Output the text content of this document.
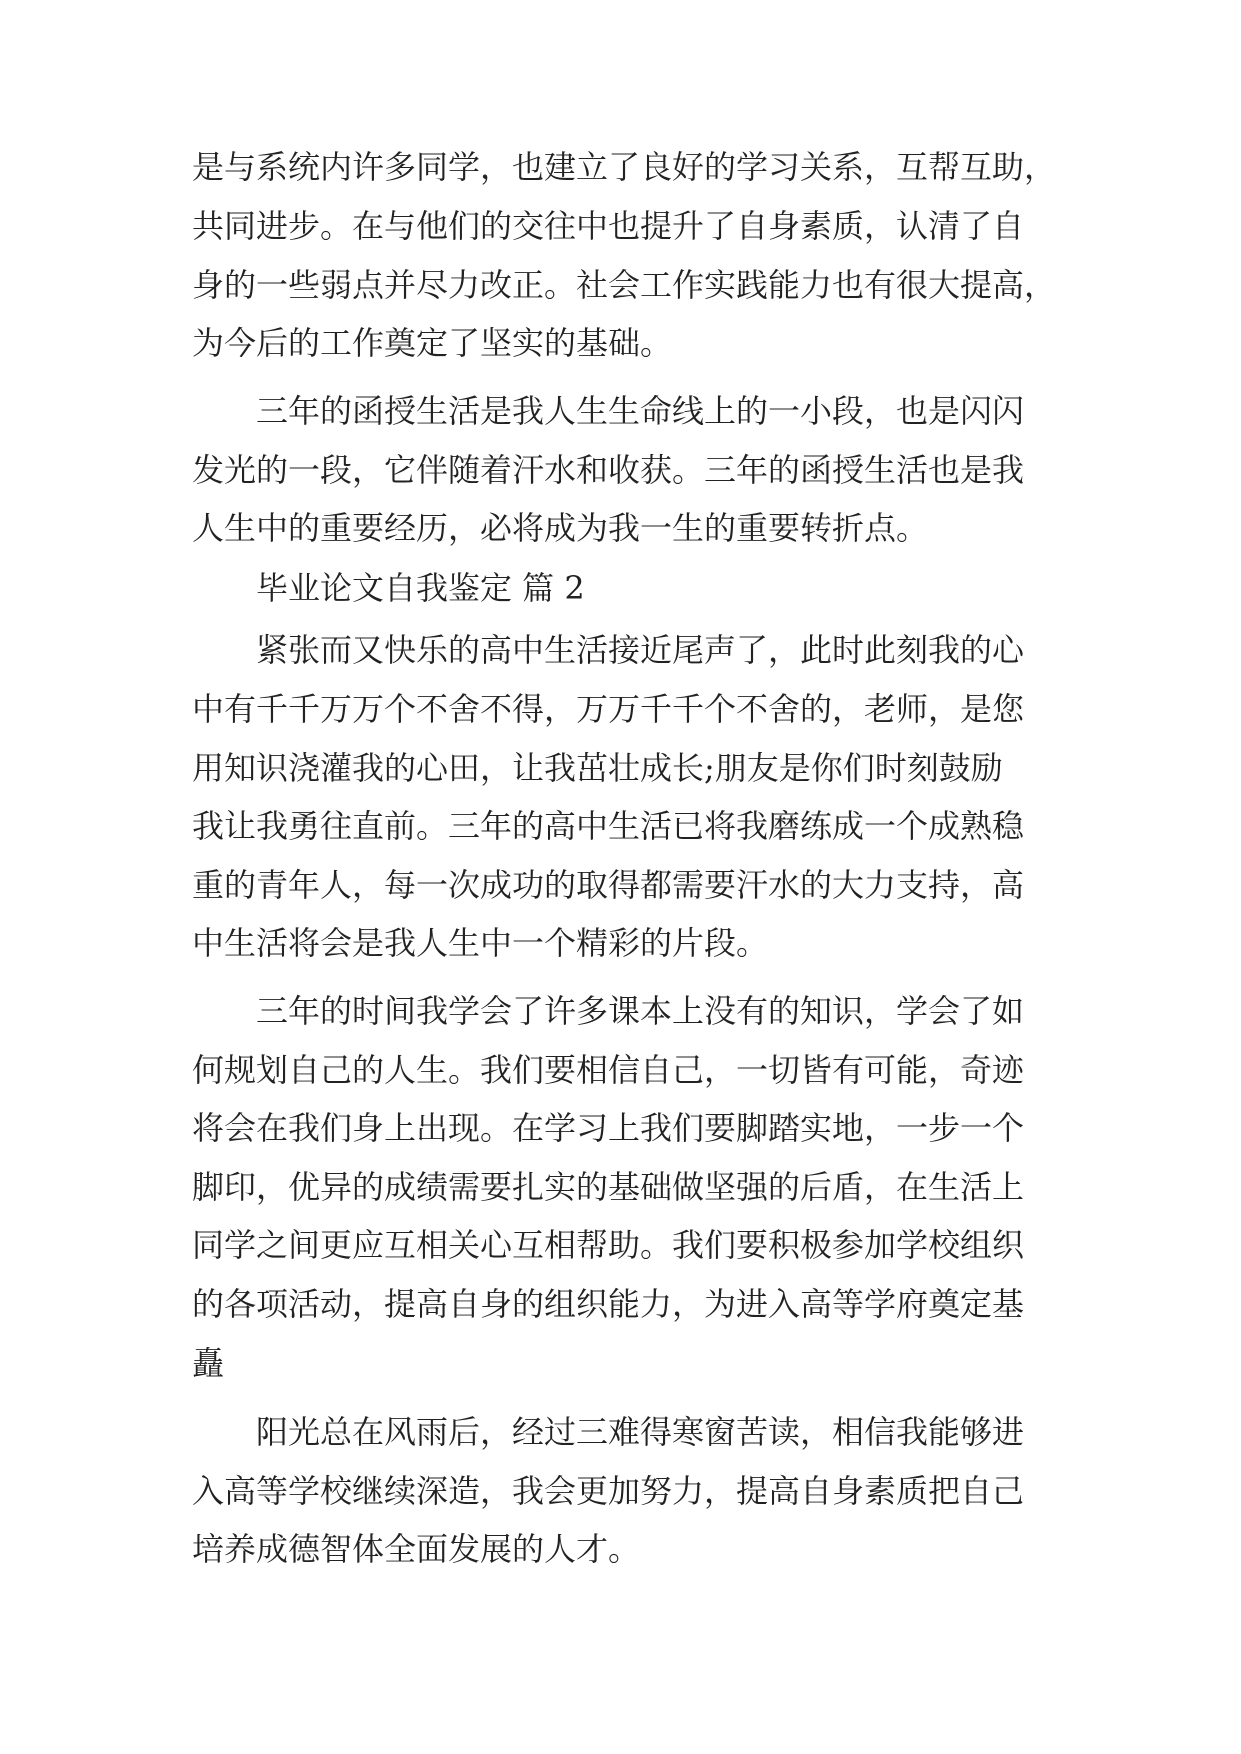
是与系统内许多同学，也建立了良好的学习关系，互帮互助，

共同进步。在与他们的交往中也提升了自身素质，认清了自

身的一些弱点并尽力改正。社会工作实践能力也有很大提高，

为今后的工作奠定了坚实的基础。

三年的函授生活是我人生生命线上的一小段，也是闪闪

发光的一段，它伴随着汗水和收获。三年的函授生活也是我

人生中的重要经历，必将成为我一生的重要转折点。

毕业论文自我鉴定 篇 2

紧张而又快乐的高中生活接近尾声了，此时此刻我的心

中有千千万万个不舍不得，万万千千个不舍的，老师，是您

用知识浇灌我的心田，让我茁壮成长;朋友是你们时刻鼓励

我让我勇往直前。三年的高中生活已将我磨练成一个成熟稳

重的青年人，每一次成功的取得都需要汗水的大力支持，高

中生活将会是我人生中一个精彩的片段。

三年的时间我学会了许多课本上没有的知识，学会了如

何规划自己的人生。我们要相信自己，一切皆有可能，奇迹

将会在我们身上出现。在学习上我们要脚踏实地，一步一个

脚印，优异的成绩需要扎实的基础做坚强的后盾，在生活上

同学之间更应互相关心互相帮助。我们要积极参加学校组织

的各项活动，提高自身的组织能力，为进入高等学府奠定基

矗

阳光总在风雨后，经过三难得寒窗苦读，相信我能够进

入高等学校继续深造，我会更加努力，提高自身素质把自己

培养成德智体全面发展的人才。
